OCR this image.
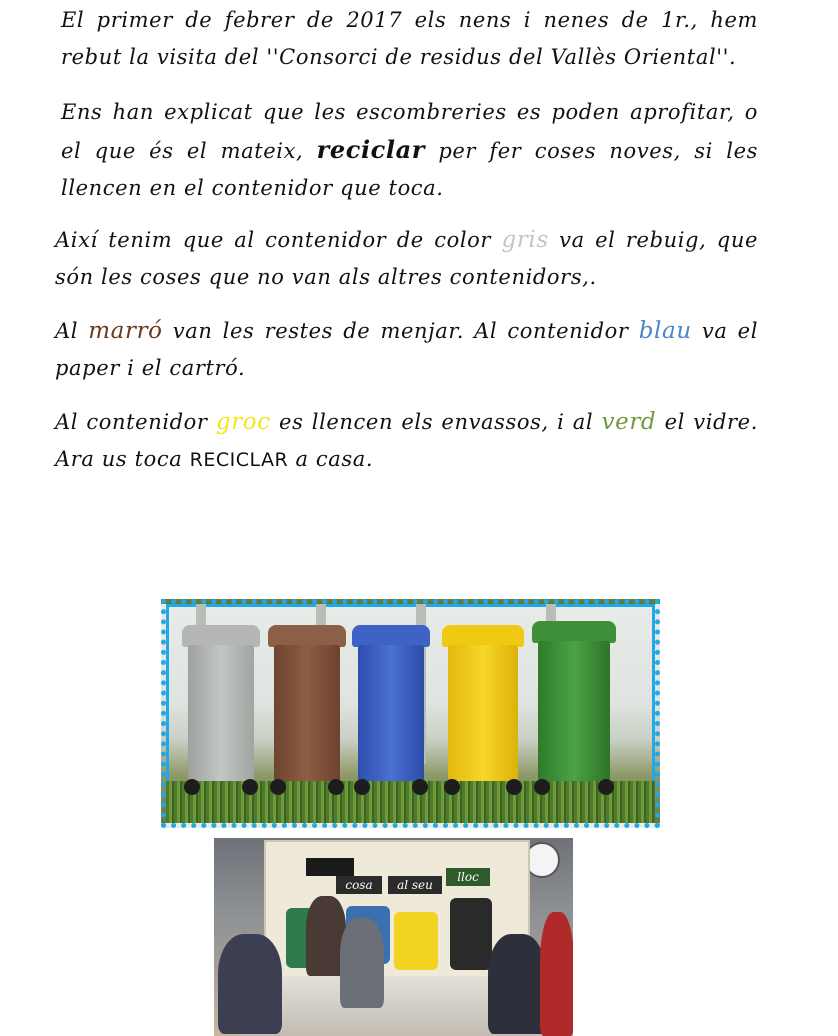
El primer de febrer de 2017 els nens i nenes de 1r., hem rebut la visita del ''Consorci de residus del Vallès Oriental''.

Ens han explicat que les escombreries es poden aprofitar, o el que és el mateix, reciclar per fer coses noves, si les llencen en el contenidor que toca.

Així tenim que al contenidor de color gris va el rebuig, que són les coses que no van als altres contenidors,.

Al marró van les restes de menjar. Al contenidor blau va el paper i el cartró.

Al contenidor groc es llencen els envassos, i al verd el vidre. Ara us toca RECICLAR a casa.

cosa	al seu
lloc
